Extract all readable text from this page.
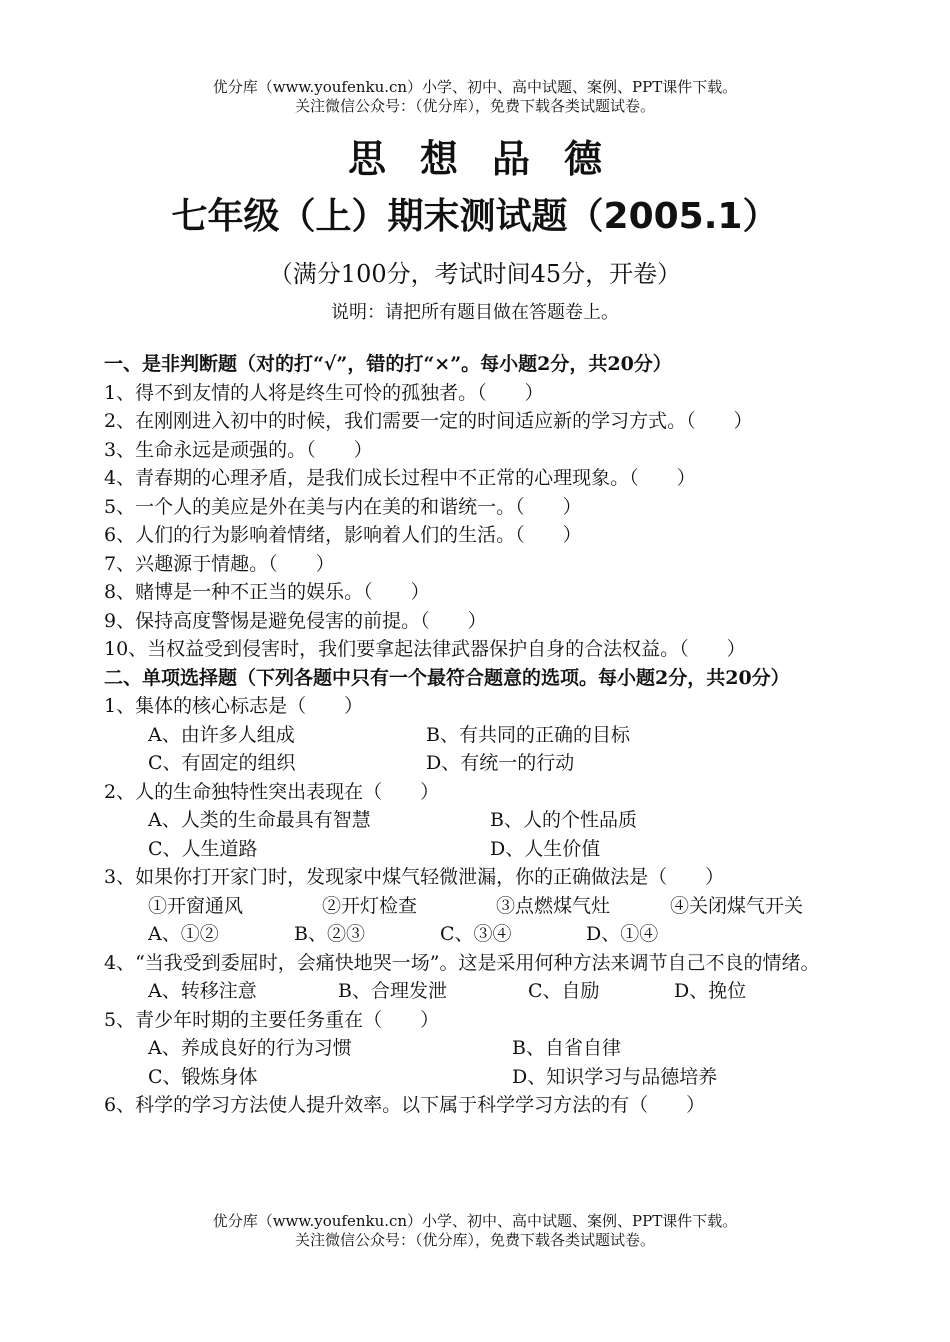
优分库（www.youfenku.cn）小学、初中、高中试题、案例、PPT课件下载。
关注微信公众号：（优分库），免费下载各类试题试卷。
思想品德
七年级（上）期末测试题（2005.1）
（满分100分，考试时间45分，开卷）
说明：请把所有题目做在答题卷上。
一、是非判断题（对的打“√”，错的打“×”。每小题2分，共20分）
1、得不到友情的人将是终生可怜的孤独者。（　　）
2、在刚刚进入初中的时候，我们需要一定的时间适应新的学习方式。（　　）
3、生命永远是顽强的。（　　）
4、青春期的心理矛盾，是我们成长过程中不正常的心理现象。（　　）
5、一个人的美应是外在美与内在美的和谐统一。（　　）
6、人们的行为影响着情绪，影响着人们的生活。（　　）
7、兴趣源于情趣。（　　）
8、赌博是一种不正当的娱乐。（　　）
9、保持高度警惕是避免侵害的前提。（　　）
10、当权益受到侵害时，我们要拿起法律武器保护自身的合法权益。（　　）
二、单项选择题（下列各题中只有一个最符合题意的选项。每小题2分，共20分）
1、集体的核心标志是（　　）
A、由许多人组成	B、有共同的正确的目标
C、有固定的组织	D、有统一的行动
2、人的生命独特性突出表现在（　　）
A、人类的生命最具有智慧	B、人的个性品质
C、人生道路	D、人生价值
3、如果你打开家门时，发现家中煤气轻微泄漏，你的正确做法是（　　）
①开窗通风	②开灯检查	③点燃煤气灶	④关闭煤气开关
A、①②	B、②③	C、③④	D、①④
4、“当我受到委屈时，会痛快地哭一场”。这是采用何种方法来调节自己不良的情绪。
A、转移注意	B、合理发泄	C、自励	D、挽位
5、青少年时期的主要任务重在（　　）
A、养成良好的行为习惯	B、自省自律
C、锻炼身体	D、知识学习与品德培养
6、科学的学习方法使人提升效率。以下属于科学学习方法的有（　　）
优分库（www.youfenku.cn）小学、初中、高中试题、案例、PPT课件下载。
关注微信公众号：（优分库），免费下载各类试题试卷。
